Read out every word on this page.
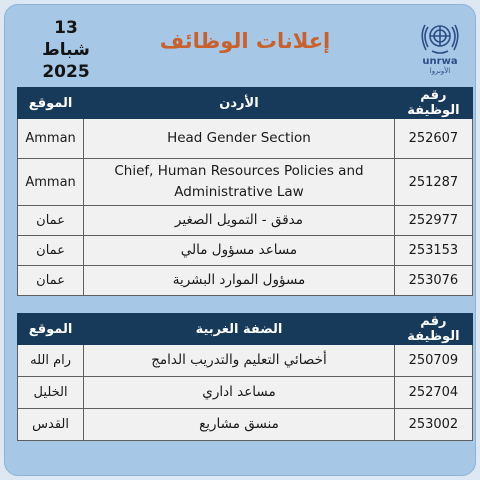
13 شباط
2025
إعلانات الوظائف
unrwa
الأونروا
الموقع	الأردن	رقم الوظيفة
Amman	Head Gender Section	252607
Amman	Chief, Human Resources Policies and Administrative Law	251287
عمان	مدقق - التمويل الصغير	252977
عمان	مساعد مسؤول مالي	253153
عمان	مسؤول الموارد البشرية	253076
الموقع	الضفة الغربية	رقم الوظيفة
رام الله	أخصائي التعليم والتدريب الدامج	250709
الخليل	مساعد اداري	252704
القدس	منسق مشاريع	253002
